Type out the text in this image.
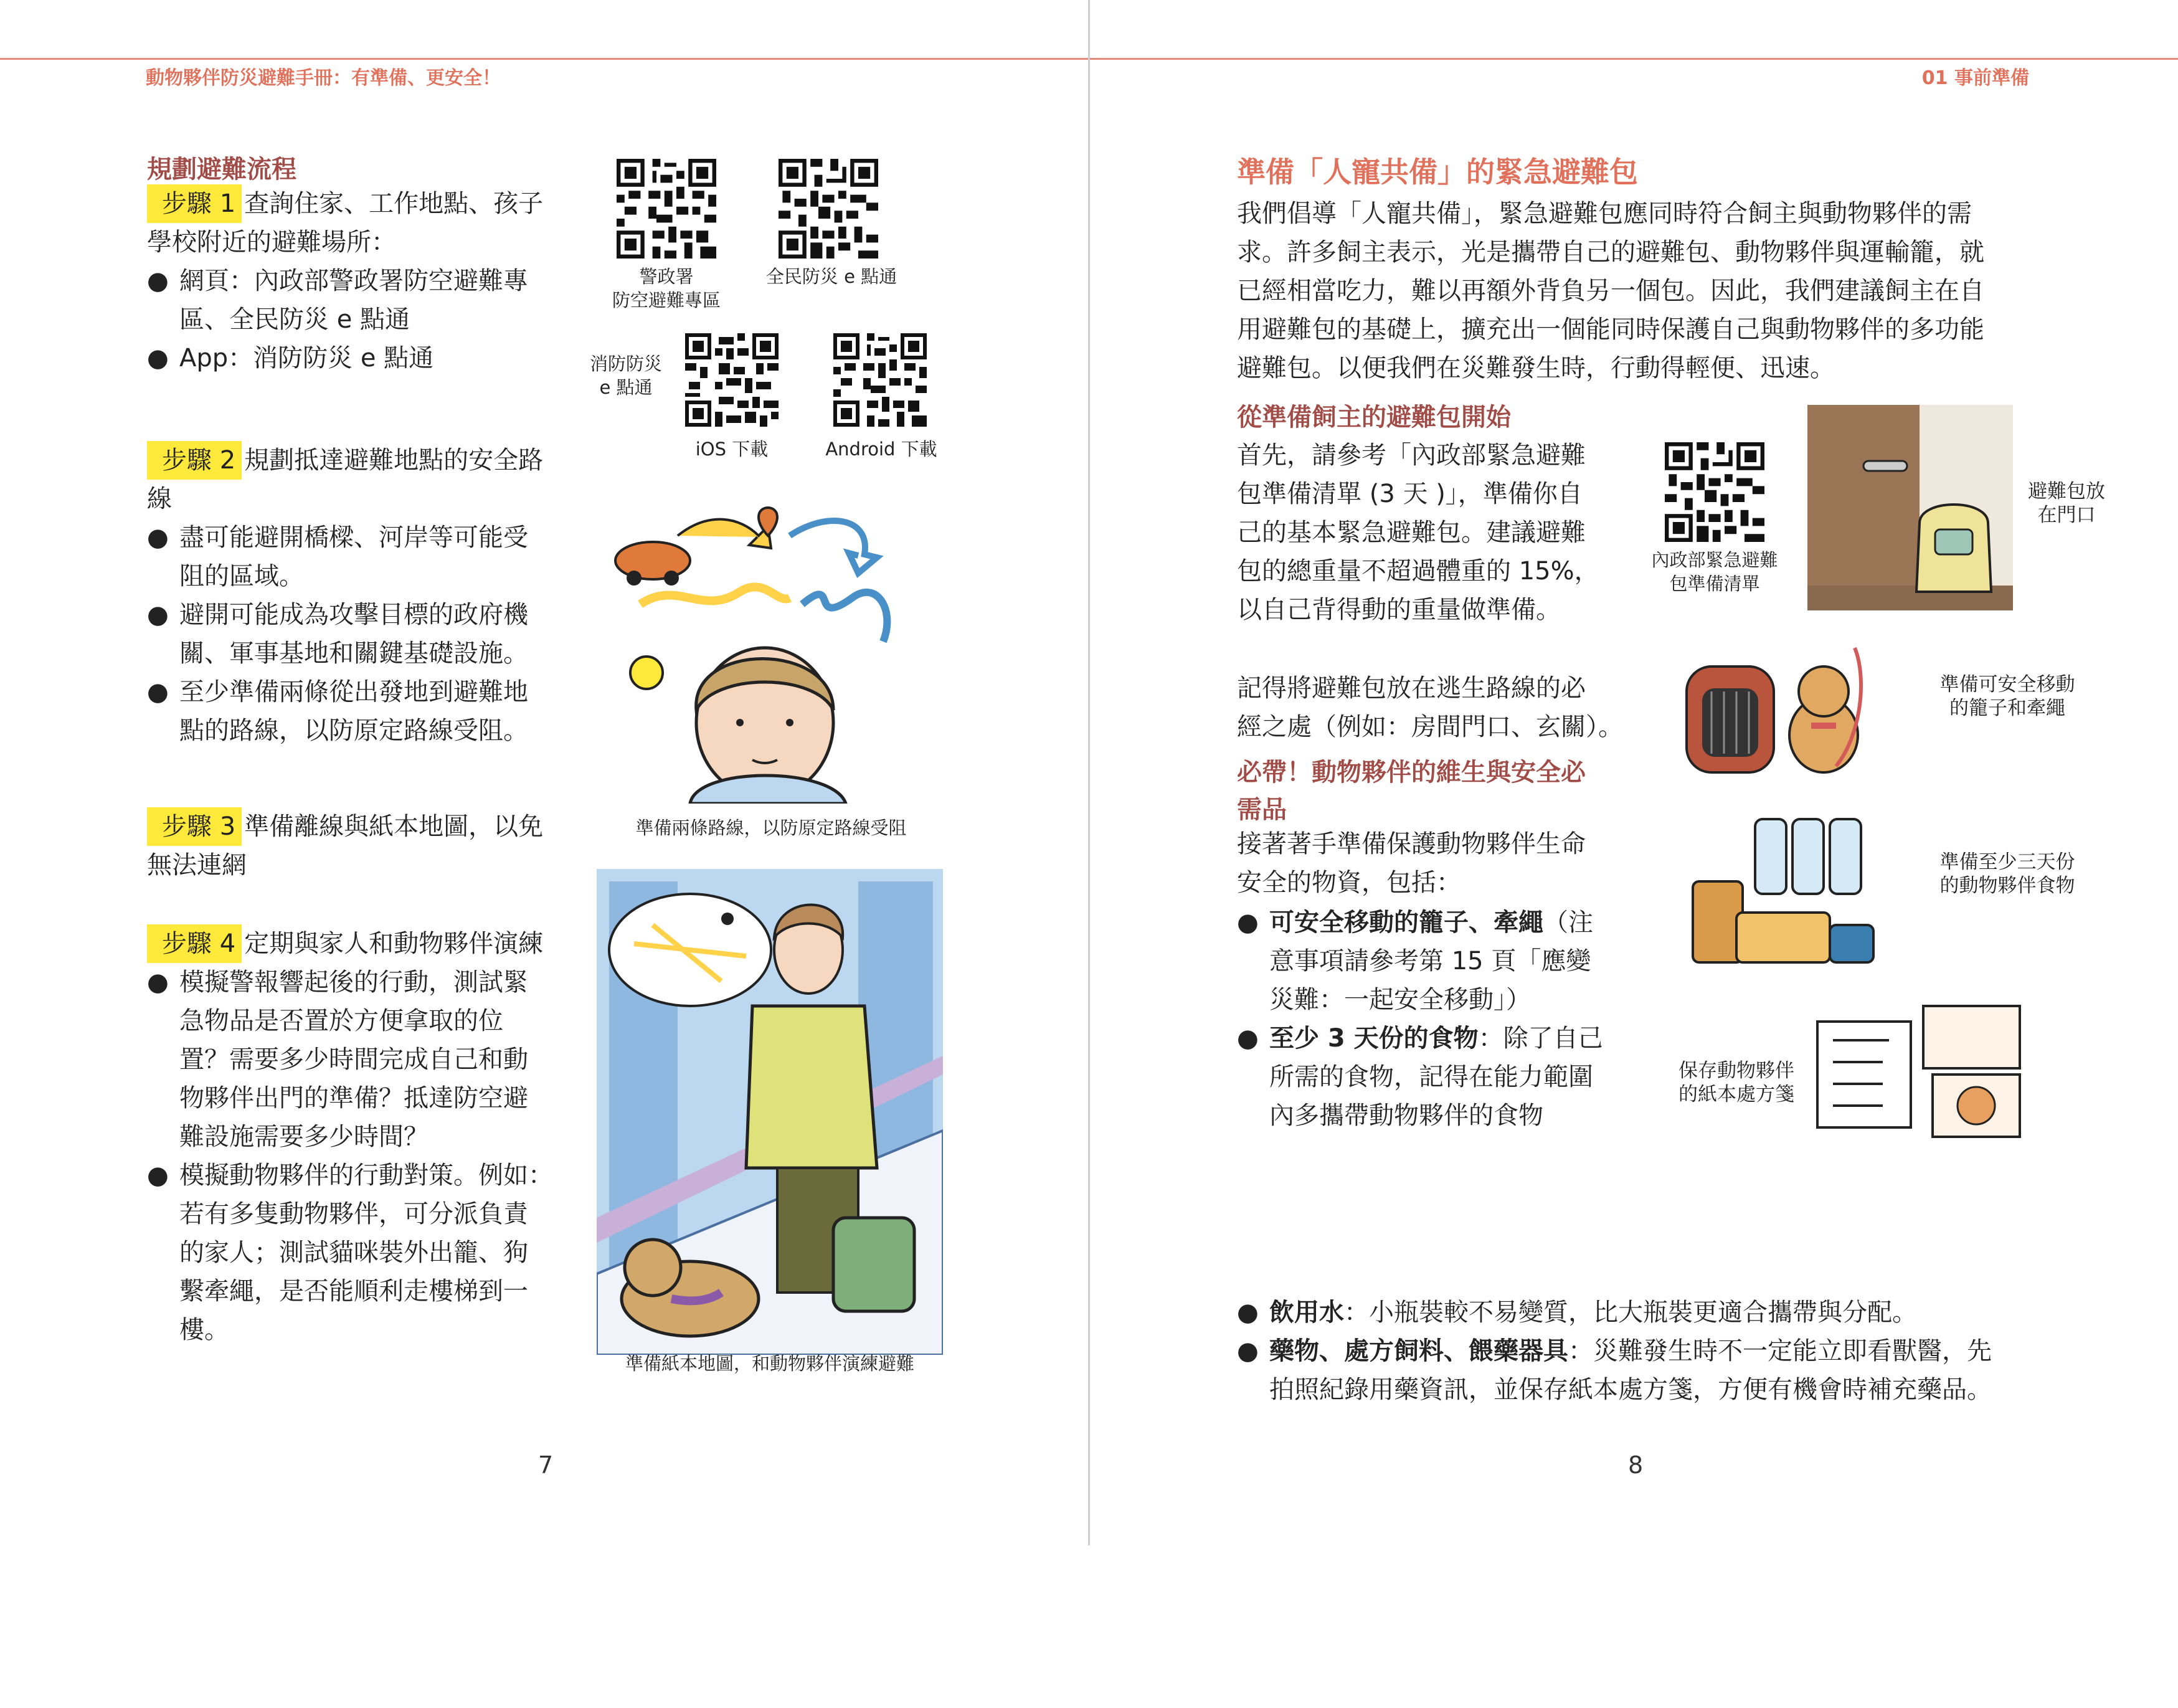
動物夥伴防災避難手冊：有準備、更安全！
規劃避難流程
步驟 1 查詢住家、工作地點、孩子
學校附近的避難場所：
● 網頁：內政部警政署防空避難專
區、全民防災 e 點通
● App：消防防災 e 點通
警政署
防空避難專區
全民防災 e 點通
消防防災
e 點通
iOS 下載	Android 下載
步驟 2 規劃抵達避難地點的安全路
線
● 盡可能避開橋樑、河岸等可能受
阻的區域。
● 避開可能成為攻擊目標的政府機
關、軍事基地和關鍵基礎設施。
● 至少準備兩條從出發地到避難地
點的路線，以防原定路線受阻。
準備兩條路線，以防原定路線受阻
步驟 3 準備離線與紙本地圖，以免
無法連網
步驟 4 定期與家人和動物夥伴演練
● 模擬警報響起後的行動，測試緊
急物品是否置於方便拿取的位
置？需要多少時間完成自己和動
物夥伴出門的準備？抵達防空避
難設施需要多少時間？
● 模擬動物夥伴的行動對策。例如：
若有多隻動物夥伴，可分派負責
的家人；測試貓咪裝外出籠、狗
繫牽繩，是否能順利走樓梯到一
樓。
準備紙本地圖，和動物夥伴演練避難
7
01 事前準備
準備「人寵共備」的緊急避難包
我們倡導「人寵共備」，緊急避難包應同時符合飼主與動物夥伴的需
求。許多飼主表示，光是攜帶自己的避難包、動物夥伴與運輸籠，就
已經相當吃力，難以再額外背負另一個包。因此，我們建議飼主在自
用避難包的基礎上，擴充出一個能同時保護自己與動物夥伴的多功能
避難包。以便我們在災難發生時，行動得輕便、迅速。
從準備飼主的避難包開始
首先，請參考「內政部緊急避難
包準備清單 (3 天 )」，準備你自
己的基本緊急避難包。建議避難
包的總重量不超過體重的 15%，
以自己背得動的重量做準備。
內政部緊急避難
包準備清單
避難包放
在門口
記得將避難包放在逃生路線的必
經之處（例如：房間門口、玄關）。
準備可安全移動
的籠子和牽繩
必帶！動物夥伴的維生與安全必
需品
接著著手準備保護動物夥伴生命
安全的物資，包括：
準備至少三天份
的動物夥伴食物
● 可安全移動的籠子、牽繩（注
意事項請參考第 15 頁「應變
災難：一起安全移動」）
● 至少 3 天份的食物：除了自己
所需的食物，記得在能力範圍
內多攜帶動物夥伴的食物
保存動物夥伴
的紙本處方箋
● 飲用水：小瓶裝較不易變質，比大瓶裝更適合攜帶與分配。
● 藥物、處方飼料、餵藥器具：災難發生時不一定能立即看獸醫，先
拍照紀錄用藥資訊，並保存紙本處方箋，方便有機會時補充藥品。
8
